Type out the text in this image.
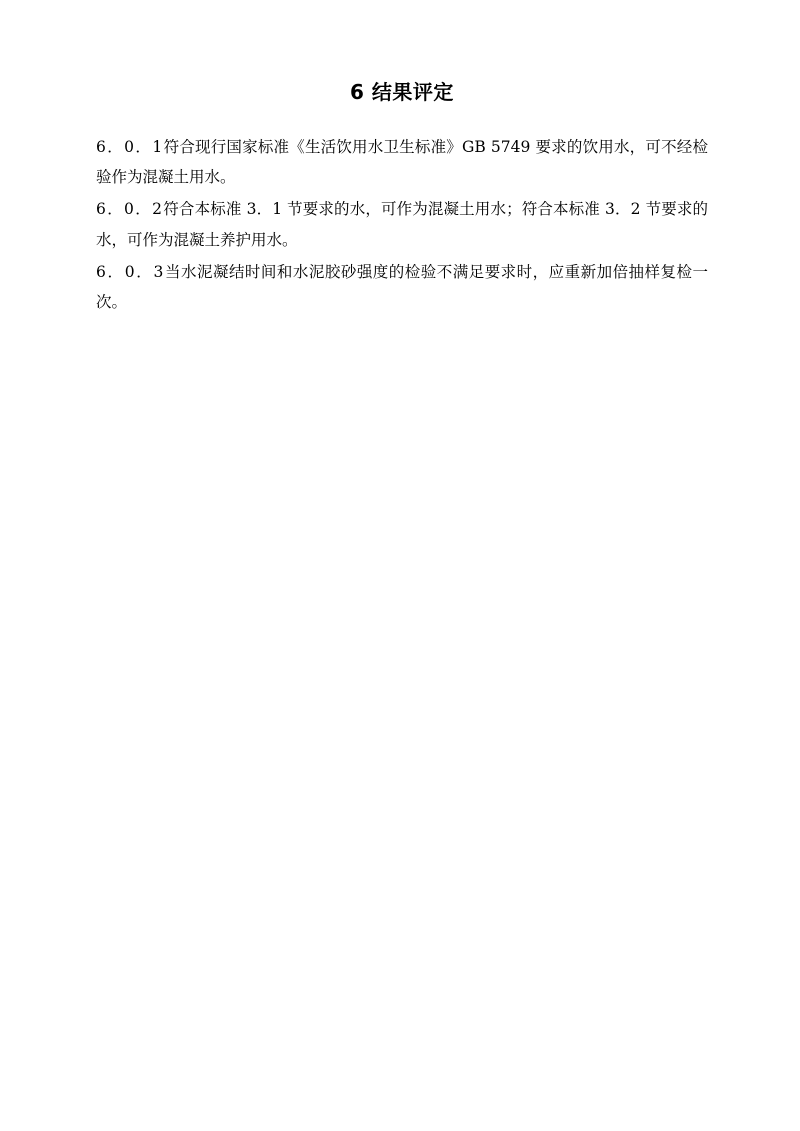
6 结果评定

6．0．1符合现行国家标准《生活饮用水卫生标准》GB 5749 要求的饮用水，可不经检验作为混凝土用水。

6．0．2符合本标准 3．1 节要求的水，可作为混凝土用水；符合本标准 3．2 节要求的水，可作为混凝土养护用水。

6．0．3当水泥凝结时间和水泥胶砂强度的检验不满足要求时，应重新加倍抽样复检一次。
